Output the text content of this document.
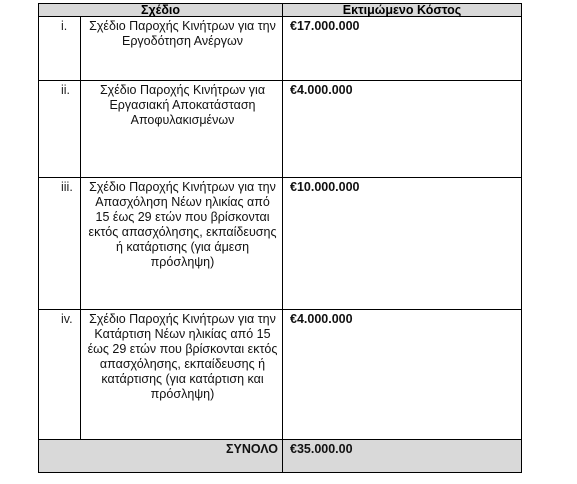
Σχέδιο		Εκτιμώμενο Κόστος
i.	Σχέδιο Παροχής Κινήτρων για την Εργοδότηση Ανέργων	€17.000.000
ii.	Σχέδιο Παροχής Κινήτρων για Εργασιακή Αποκατάσταση Αποφυλακισμένων	€4.000.000
iii.	Σχέδιο Παροχής Κινήτρων για την Απασχόληση Νέων ηλικίας από 15 έως 29 ετών που βρίσκονται εκτός απασχόλησης, εκπαίδευσης ή κατάρτισης (για άμεση πρόσληψη)	€10.000.000
iv.	Σχέδιο Παροχής Κινήτρων για την Κατάρτιση Νέων ηλικίας από 15 έως 29 ετών που βρίσκονται εκτός απασχόλησης, εκπαίδευσης ή κατάρτισης (για κατάρτιση και πρόσληψη)	€4.000.000
ΣΥΝΟΛΟ		€35.000.00
